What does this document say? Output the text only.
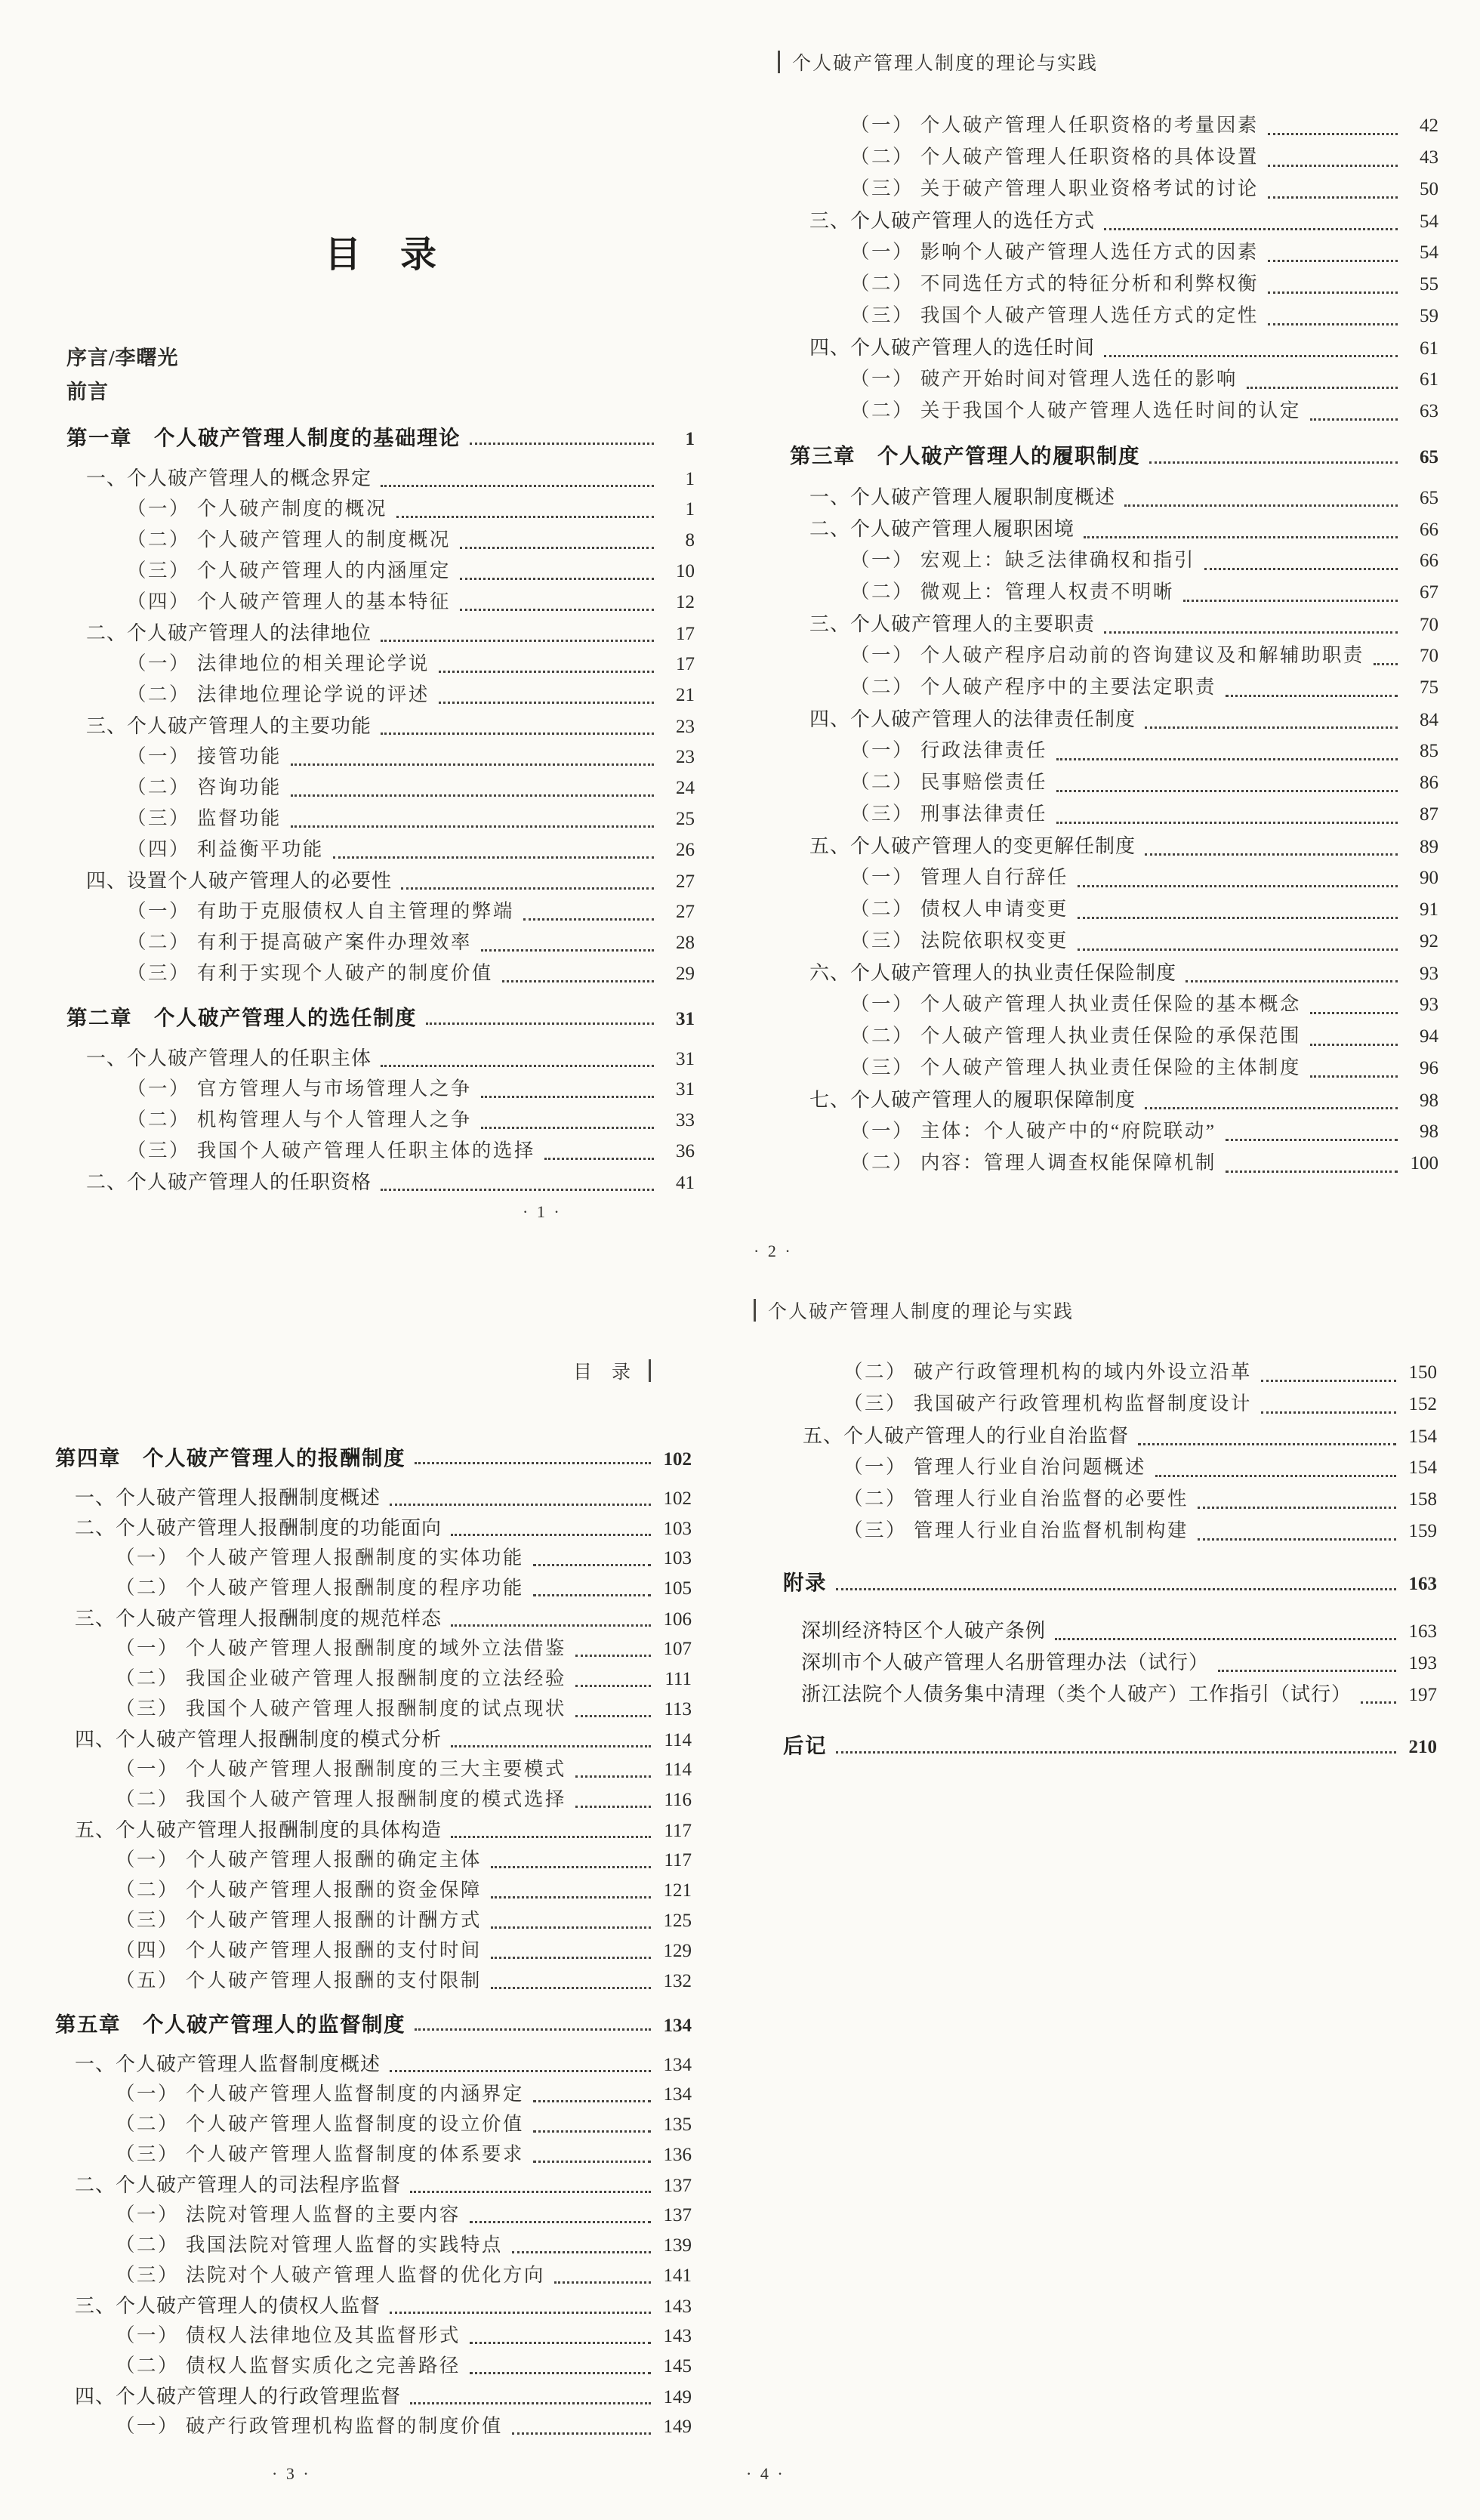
目 录
序言/李曙光
前言
第一章　个人破产管理人制度的基础理论	1
一、个人破产管理人的概念界定	1
（一） 个人破产制度的概况	1
（二） 个人破产管理人的制度概况	8
（三） 个人破产管理人的内涵厘定	10
（四） 个人破产管理人的基本特征	12
二、个人破产管理人的法律地位	17
（一） 法律地位的相关理论学说	17
（二） 法律地位理论学说的评述	21
三、个人破产管理人的主要功能	23
（一） 接管功能	23
（二） 咨询功能	24
（三） 监督功能	25
（四） 利益衡平功能	26
四、设置个人破产管理人的必要性	27
（一） 有助于克服债权人自主管理的弊端	27
（二） 有利于提高破产案件办理效率	28
（三） 有利于实现个人破产的制度价值	29
第二章　个人破产管理人的选任制度	31
一、个人破产管理人的任职主体	31
（一） 官方管理人与市场管理人之争	31
（二） 机构管理人与个人管理人之争	33
（三） 我国个人破产管理人任职主体的选择	36
二、个人破产管理人的任职资格	41
· 1 ·
个人破产管理人制度的理论与实践
（一） 个人破产管理人任职资格的考量因素	42
（二） 个人破产管理人任职资格的具体设置	43
（三） 关于破产管理人职业资格考试的讨论	50
三、个人破产管理人的选任方式	54
（一） 影响个人破产管理人选任方式的因素	54
（二） 不同选任方式的特征分析和利弊权衡	55
（三） 我国个人破产管理人选任方式的定性	59
四、个人破产管理人的选任时间	61
（一） 破产开始时间对管理人选任的影响	61
（二） 关于我国个人破产管理人选任时间的认定	63
第三章　个人破产管理人的履职制度	65
一、个人破产管理人履职制度概述	65
二、个人破产管理人履职困境	66
（一） 宏观上：缺乏法律确权和指引	66
（二） 微观上：管理人权责不明晰	67
三、个人破产管理人的主要职责	70
（一） 个人破产程序启动前的咨询建议及和解辅助职责	70
（二） 个人破产程序中的主要法定职责	75
四、个人破产管理人的法律责任制度	84
（一） 行政法律责任	85
（二） 民事赔偿责任	86
（三） 刑事法律责任	87
五、个人破产管理人的变更解任制度	89
（一） 管理人自行辞任	90
（二） 债权人申请变更	91
（三） 法院依职权变更	92
六、个人破产管理人的执业责任保险制度	93
（一） 个人破产管理人执业责任保险的基本概念	93
（二） 个人破产管理人执业责任保险的承保范围	94
（三） 个人破产管理人执业责任保险的主体制度	96
七、个人破产管理人的履职保障制度	98
（一） 主体：个人破产中的“府院联动”	98
（二） 内容：管理人调查权能保障机制	100
· 2 ·
目 录
第四章　个人破产管理人的报酬制度	102
一、个人破产管理人报酬制度概述	102
二、个人破产管理人报酬制度的功能面向	103
（一） 个人破产管理人报酬制度的实体功能	103
（二） 个人破产管理人报酬制度的程序功能	105
三、个人破产管理人报酬制度的规范样态	106
（一） 个人破产管理人报酬制度的域外立法借鉴	107
（二） 我国企业破产管理人报酬制度的立法经验	111
（三） 我国个人破产管理人报酬制度的试点现状	113
四、个人破产管理人报酬制度的模式分析	114
（一） 个人破产管理人报酬制度的三大主要模式	114
（二） 我国个人破产管理人报酬制度的模式选择	116
五、个人破产管理人报酬制度的具体构造	117
（一） 个人破产管理人报酬的确定主体	117
（二） 个人破产管理人报酬的资金保障	121
（三） 个人破产管理人报酬的计酬方式	125
（四） 个人破产管理人报酬的支付时间	129
（五） 个人破产管理人报酬的支付限制	132
第五章　个人破产管理人的监督制度	134
一、个人破产管理人监督制度概述	134
（一） 个人破产管理人监督制度的内涵界定	134
（二） 个人破产管理人监督制度的设立价值	135
（三） 个人破产管理人监督制度的体系要求	136
二、个人破产管理人的司法程序监督	137
（一） 法院对管理人监督的主要内容	137
（二） 我国法院对管理人监督的实践特点	139
（三） 法院对个人破产管理人监督的优化方向	141
三、个人破产管理人的债权人监督	143
（一） 债权人法律地位及其监督形式	143
（二） 债权人监督实质化之完善路径	145
四、个人破产管理人的行政管理监督	149
（一） 破产行政管理机构监督的制度价值	149
· 3 ·
个人破产管理人制度的理论与实践
（二） 破产行政管理机构的域内外设立沿革	150
（三） 我国破产行政管理机构监督制度设计	152
五、个人破产管理人的行业自治监督	154
（一） 管理人行业自治问题概述	154
（二） 管理人行业自治监督的必要性	158
（三） 管理人行业自治监督机制构建	159
附录	163
深圳经济特区个人破产条例	163
深圳市个人破产管理人名册管理办法（试行）	193
浙江法院个人债务集中清理（类个人破产）工作指引（试行）	197
后记	210
· 4 ·
